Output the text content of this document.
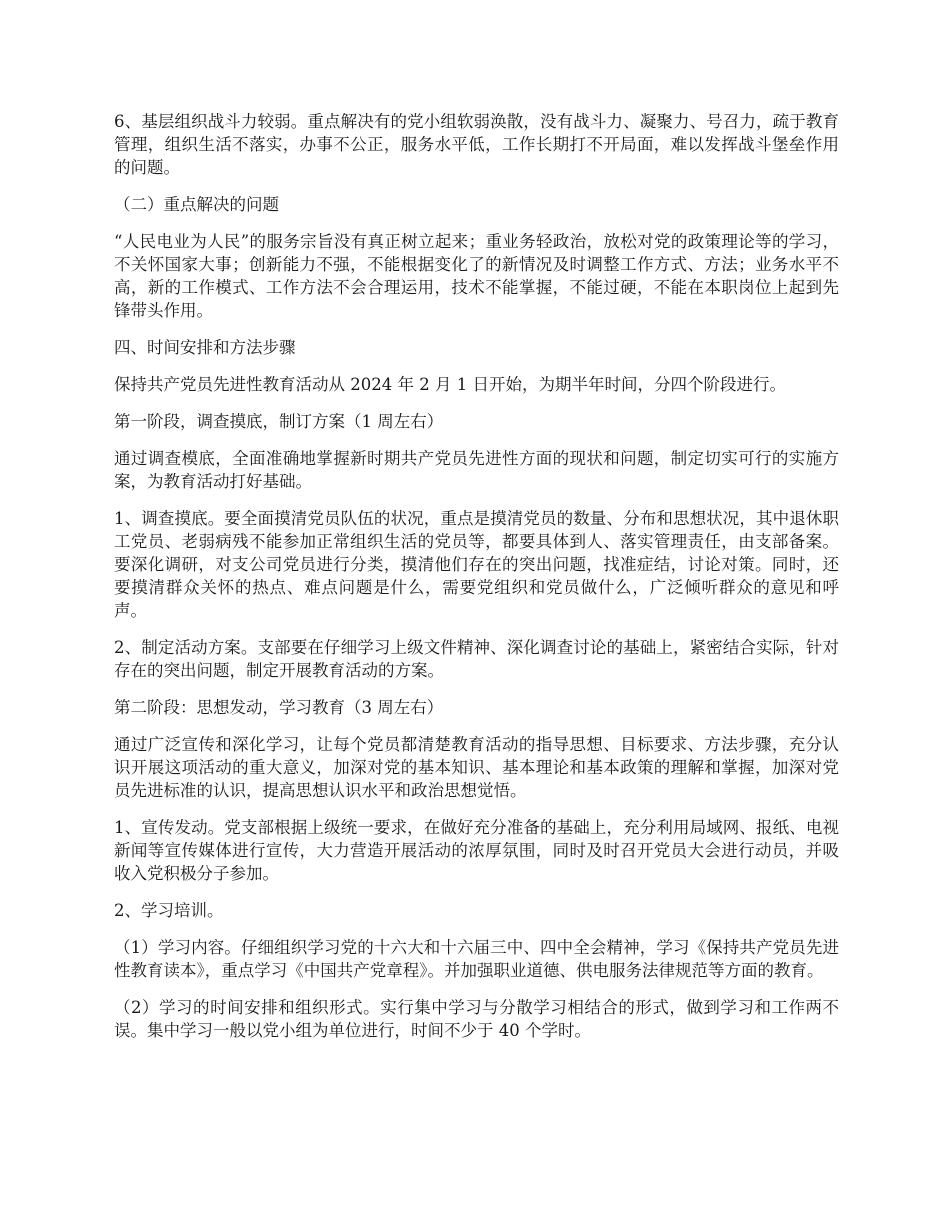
6、基层组织战斗力较弱。重点解决有的党小组软弱涣散，没有战斗力、凝聚力、号召力，疏于教育管理，组织生活不落实，办事不公正，服务水平低，工作长期打不开局面，难以发挥战斗堡垒作用的问题。

（二）重点解决的问题

“人民电业为人民”的服务宗旨没有真正树立起来；重业务轻政治，放松对党的政策理论等的学习，不关怀国家大事；创新能力不强，不能根据变化了的新情况及时调整工作方式、方法；业务水平不高，新的工作模式、工作方法不会合理运用，技术不能掌握，不能过硬，不能在本职岗位上起到先锋带头作用。

四、时间安排和方法步骤

保持共产党员先进性教育活动从 2024 年 2 月 1 日开始，为期半年时间，分四个阶段进行。

第一阶段，调查摸底，制订方案（1 周左右）

通过调查模底，全面准确地掌握新时期共产党员先进性方面的现状和问题，制定切实可行的实施方案，为教育活动打好基础。

1、调查摸底。要全面摸清党员队伍的状况，重点是摸清党员的数量、分布和思想状况，其中退休职工党员、老弱病残不能参加正常组织生活的党员等，都要具体到人、落实管理责任，由支部备案。要深化调研，对支公司党员进行分类，摸清他们存在的突出问题，找准症结，讨论对策。同时，还要摸清群众关怀的热点、难点问题是什么，需要党组织和党员做什么，广泛倾听群众的意见和呼声。

2、制定活动方案。支部要在仔细学习上级文件精神、深化调查讨论的基础上，紧密结合实际，针对存在的突出问题，制定开展教育活动的方案。

第二阶段：思想发动，学习教育（3 周左右）

通过广泛宣传和深化学习，让每个党员都清楚教育活动的指导思想、目标要求、方法步骤，充分认识开展这项活动的重大意义，加深对党的基本知识、基本理论和基本政策的理解和掌握，加深对党员先进标准的认识，提高思想认识水平和政治思想觉悟。

1、宣传发动。党支部根据上级统一要求，在做好充分准备的基础上，充分利用局域网、报纸、电视新闻等宣传媒体进行宣传，大力营造开展活动的浓厚氛围，同时及时召开党员大会进行动员，并吸收入党积极分子参加。

2、学习培训。

（1）学习内容。仔细组织学习党的十六大和十六届三中、四中全会精神，学习《保持共产党员先进性教育读本》，重点学习《中国共产党章程》。并加强职业道德、供电服务法律规范等方面的教育。

（2）学习的时间安排和组织形式。实行集中学习与分散学习相结合的形式，做到学习和工作两不误。集中学习一般以党小组为单位进行，时间不少于 40 个学时。
